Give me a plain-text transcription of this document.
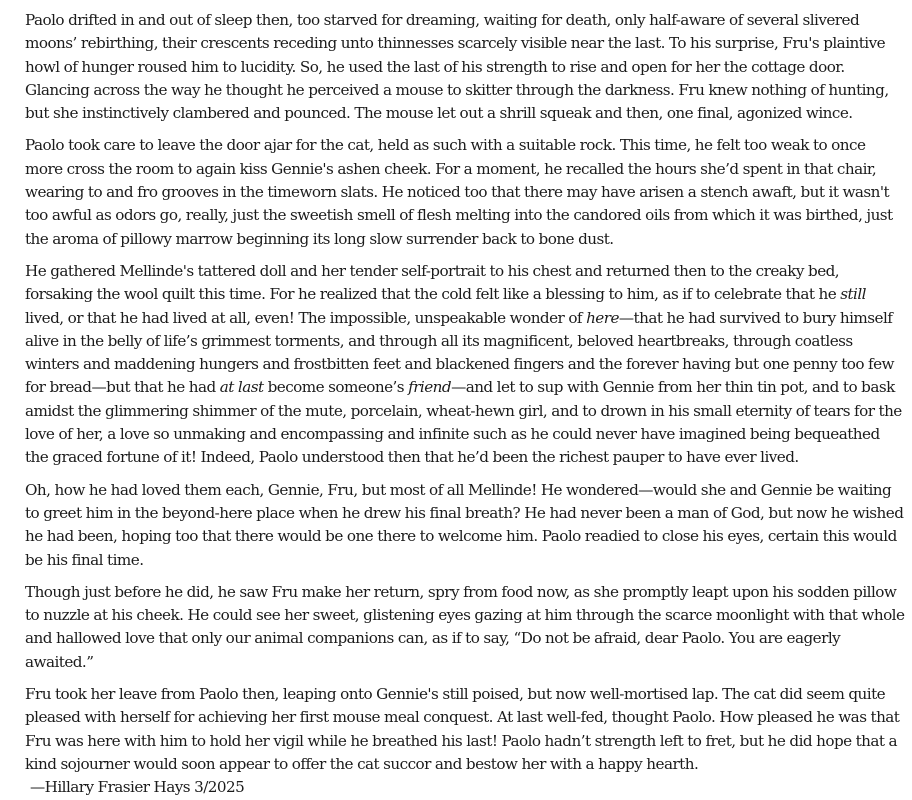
Paolo drifted in and out of sleep then, too starved for dreaming, waiting for death, only half-aware of several slivered moons’ rebirthing, their crescents receding unto thinnesses scarcely visible near the last. To his surprise, Fru's plaintive howl of hunger roused him to lucidity. So, he used the last of his strength to rise and open for her the cottage door. Glancing across the way he thought he perceived a mouse to skitter through the darkness. Fru knew nothing of hunting, but she instinctively clambered and pounced. The mouse let out a shrill squeak and then, one final, agonized wince.

Paolo took care to leave the door ajar for the cat, held as such with a suitable rock. This time, he felt too weak to once more cross the room to again kiss Gennie's ashen cheek. For a moment, he recalled the hours she’d spent in that chair, wearing to and fro grooves in the timeworn slats. He noticed too that there may have arisen a stench awaft, but it wasn't too awful as odors go, really, just the sweetish smell of flesh melting into the candored oils from which it was birthed, just the aroma of pillowy marrow beginning its long slow surrender back to bone dust.

He gathered Mellinde's tattered doll and her tender self-portrait to his chest and returned then to the creaky bed, forsaking the wool quilt this time. For he realized that the cold felt like a blessing to him, as if to celebrate that he still lived, or that he had lived at all, even! The impossible, unspeakable wonder of here—that he had survived to bury himself alive in the belly of life’s grimmest torments, and through all its magnificent, beloved heartbreaks, through coatless winters and maddening hungers and frostbitten feet and blackened fingers and the forever having but one penny too few for bread—but that he had at last become someone’s friend—and let to sup with Gennie from her thin tin pot, and to bask amidst the glimmering shimmer of the mute, porcelain, wheat-hewn girl, and to drown in his small eternity of tears for the love of her, a love so unmaking and encompassing and infinite such as he could never have imagined being bequeathed the graced fortune of it! Indeed, Paolo understood then that he’d been the richest pauper to have ever lived.

Oh, how he had loved them each, Gennie, Fru, but most of all Mellinde! He wondered—would she and Gennie be waiting to greet him in the beyond-here place when he drew his final breath? He had never been a man of God, but now he wished he had been, hoping too that there would be one there to welcome him. Paolo readied to close his eyes, certain this would be his final time.

Though just before he did, he saw Fru make her return, spry from food now, as she promptly leapt upon his sodden pillow to nuzzle at his cheek. He could see her sweet, glistening eyes gazing at him through the scarce moonlight with that whole and hallowed love that only our animal companions can, as if to say, “Do not be afraid, dear Paolo. You are eagerly awaited.”

Fru took her leave from Paolo then, leaping onto Gennie's still poised, but now well-mortised lap. The cat did seem quite pleased with herself for achieving her first mouse meal conquest. At last well-fed, thought Paolo. How pleased he was that Fru was here with him to hold her vigil while he breathed his last! Paolo hadn’t strength left to fret, but he did hope that a kind sojourner would soon appear to offer the cat succor and bestow her with a happy hearth.

—Hillary Frasier Hays 3/2025
